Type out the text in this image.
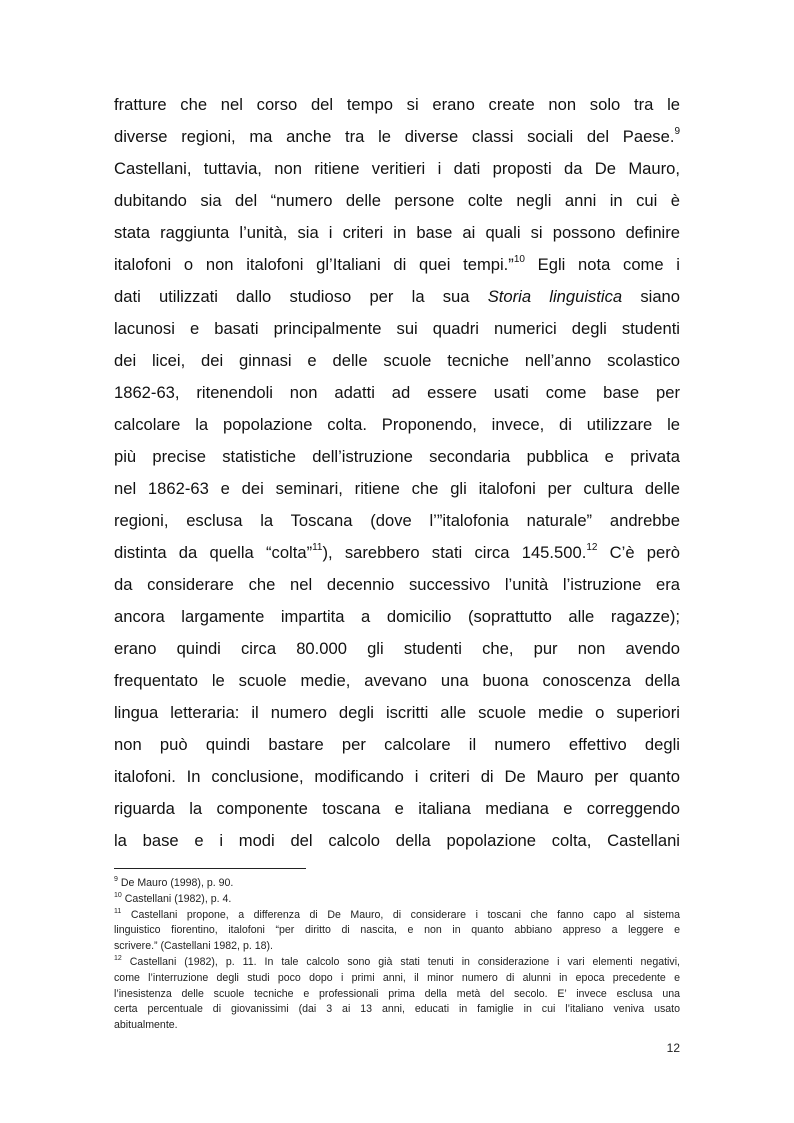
fratture che nel corso del tempo si erano create non solo tra le
diverse regioni, ma anche tra le diverse classi sociali del Paese.$^9$
Castellani, tuttavia, non ritiene veritieri i dati proposti da De Mauro,
dubitando sia del “numero delle persone colte negli anni in cui è
stata raggiunta l’unità, sia i criteri in base ai quali si possono definire
italofoni o non italofoni gl’Italiani di quei tempi.”$^{10}$ Egli nota come i
dati utilizzati dallo studioso per la sua Storia linguistica siano
lacunosi e basati principalmente sui quadri numerici degli studenti
dei licei, dei ginnasi e delle scuole tecniche nell’anno scolastico
1862-63, ritenendoli non adatti ad essere usati come base per
calcolare la popolazione colta. Proponendo, invece, di utilizzare le
più precise statistiche dell’istruzione secondaria pubblica e privata
nel 1862-63 e dei seminari, ritiene che gli italofoni per cultura delle
regioni, esclusa la Toscana (dove l’”italofonia naturale” andrebbe
distinta da quella “colta”$^{11}$), sarebbero stati circa 145.500.12 C’è però
da considerare che nel decennio successivo l’unità l’istruzione era
ancora largamente impartita a domicilio (soprattutto alle ragazze);
erano quindi circa 80.000 gli studenti che, pur non avendo
frequentato le scuole medie, avevano una buona conoscenza della
lingua letteraria: il numero degli iscritti alle scuole medie o superiori
non può quindi bastare per calcolare il numero effettivo degli
italofoni. In conclusione, modificando i criteri di De Mauro per quanto
riguarda la componente toscana e italiana mediana e correggendo
la base e i modi del calcolo della popolazione colta, Castellani
$^9$ De Mauro (1998), p. 90.
$^{10}$ Castellani (1982), p. 4.
$^{11}$ Castellani propone, a differenza di De Mauro, di considerare i toscani che fanno capo al sistema
linguistico fiorentino, italofoni “per diritto di nascita, e non in quanto abbiano appreso a leggere e
scrivere.” (Castellani 1982, p. 18).
$^{12}$ Castellani (1982), p. 11. In tale calcolo sono già stati tenuti in considerazione i vari elementi negativi,
come l’interruzione degli studi poco dopo i primi anni, il minor numero di alunni in epoca precedente e
l’inesistenza delle scuole tecniche e professionali prima della metà del secolo. E’ invece esclusa una
certa percentuale di giovanissimi (dai 3 ai 13 anni, educati in famiglie in cui l’italiano veniva usato
abitualmente.
12
